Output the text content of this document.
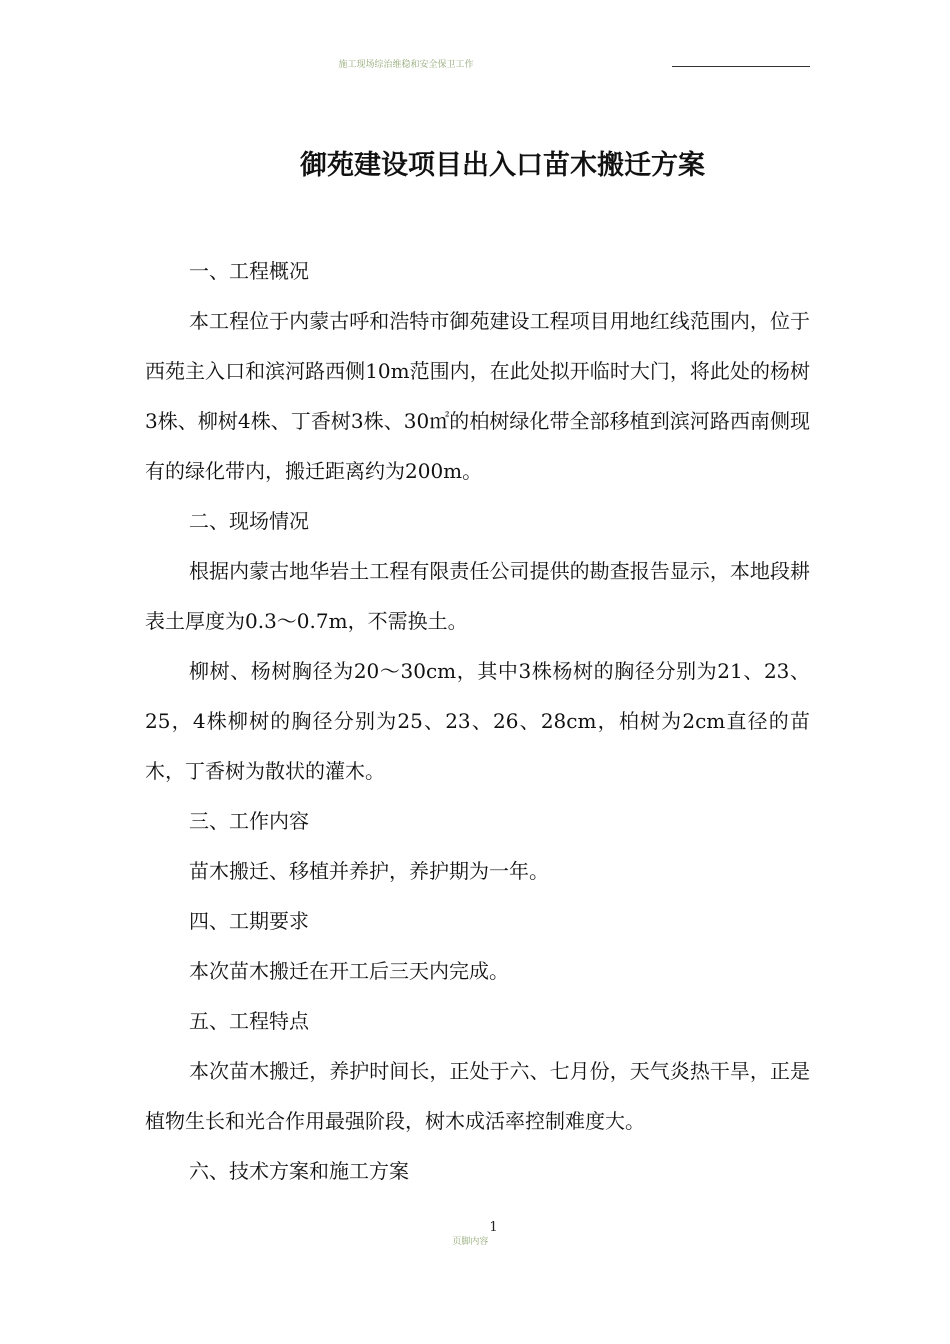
施工现场综治维稳和安全保卫工作
御苑建设项目出入口苗木搬迁方案

一、工程概况

本工程位于内蒙古呼和浩特市御苑建设工程项目用地红线范围内，位于西苑主入口和滨河路西侧10m范围内，在此处拟开临时大门，将此处的杨树3株、柳树4株、丁香树3株、30㎡的柏树绿化带全部移植到滨河路西南侧现有的绿化带内，搬迁距离约为200m。

二、现场情况

根据内蒙古地华岩土工程有限责任公司提供的勘查报告显示，本地段耕表土厚度为0.3～0.7m，不需换土。

柳树、杨树胸径为20～30cm，其中3株杨树的胸径分别为21、23、25，4株柳树的胸径分别为25、23、26、28cm，柏树为2cm直径的苗木，丁香树为散状的灌木。

三、工作内容

苗木搬迁、移植并养护，养护期为一年。

四、工期要求

本次苗木搬迁在开工后三天内完成。

五、工程特点

本次苗木搬迁，养护时间长，正处于六、七月份，天气炎热干旱，正是植物生长和光合作用最强阶段，树木成活率控制难度大。

六、技术方案和施工方案

页脚内容$^1$
